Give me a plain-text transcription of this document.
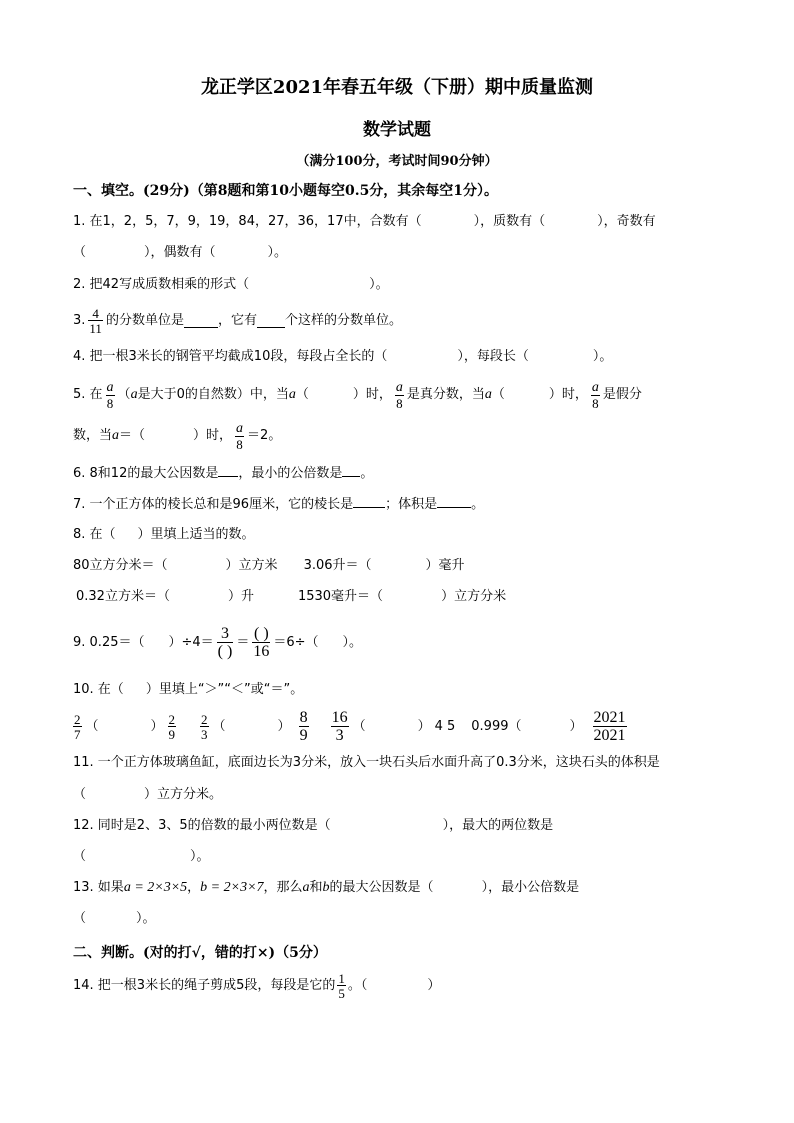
龙正学区2021年春五年级（下册）期中质量监测
数学试题
（满分100分，考试时间90分钟）
一、填空。(29分)（第8题和第10小题每空0.5分，其余每空1分）。
1. 在1，2，5，7，9，19，84，27，36，17中，合数有（	），质数有（	），奇数有
（	），偶数有（	）。
2. 把42写成质数相乘的形式（	）。
3. $\frac{4}{11}$ 的分数单位是	，它有 个这样的分数单位。
4. 把一根3米长的钢管平均截成10段，每段占全长的（	），每段长（	）。
5. 在 $\frac{a}{8}$ （ a 是大于0的自然数）中，当 a （	）时， $\frac{a}{8}$ 是真分数，当 a （	）时， $\frac{a}{8}$ 是假分
数，当 a ＝（	）时， $\frac{a}{8} =2$。
6. 8和12的最大公因数是 ，最小的公倍数是 。
7. 一个正方体的棱长总和是96厘米，它的棱长是 ；体积是	。
8. 在（ ）里填上适当的数。
80立方分米＝（	）立方米 3.06升＝（	）毫升
0.32立方米＝（	）升	1530毫升＝（	）立方分米
9. 0.25＝（ ）$\div 4= \frac{3}{( )} = \frac{( )}{16} =6\div$（ ）。
10. 在（ ）里填上“＞”“＜”或“＝”。
$\frac{2}{7}$ （	） $\frac{2}{9} \frac{2}{3}$ （	） $\frac{8}{9} \frac{16}{3}$ （	） 4 5 0.999（	） $\frac{2021}{2021}$
11. 一个正方体玻璃鱼缸，底面边长为3分米，放入一块石头后水面升高了0.3分米，这块石头的体积是
（	）立方分米。
12. 同时是2、3、5的倍数的最小两位数是（	），最大的两位数是
（	）。
13. 如果a = 2×3×5，b = 2×3×7，那么a和b的最大公因数是（	），最小公倍数是
（	）。
二、判断。(对的打√，错的打×)（5分）
14. 把一根3米长的绳子剪成5段，每段是它的 $\frac{1}{5}$ 。（	）
